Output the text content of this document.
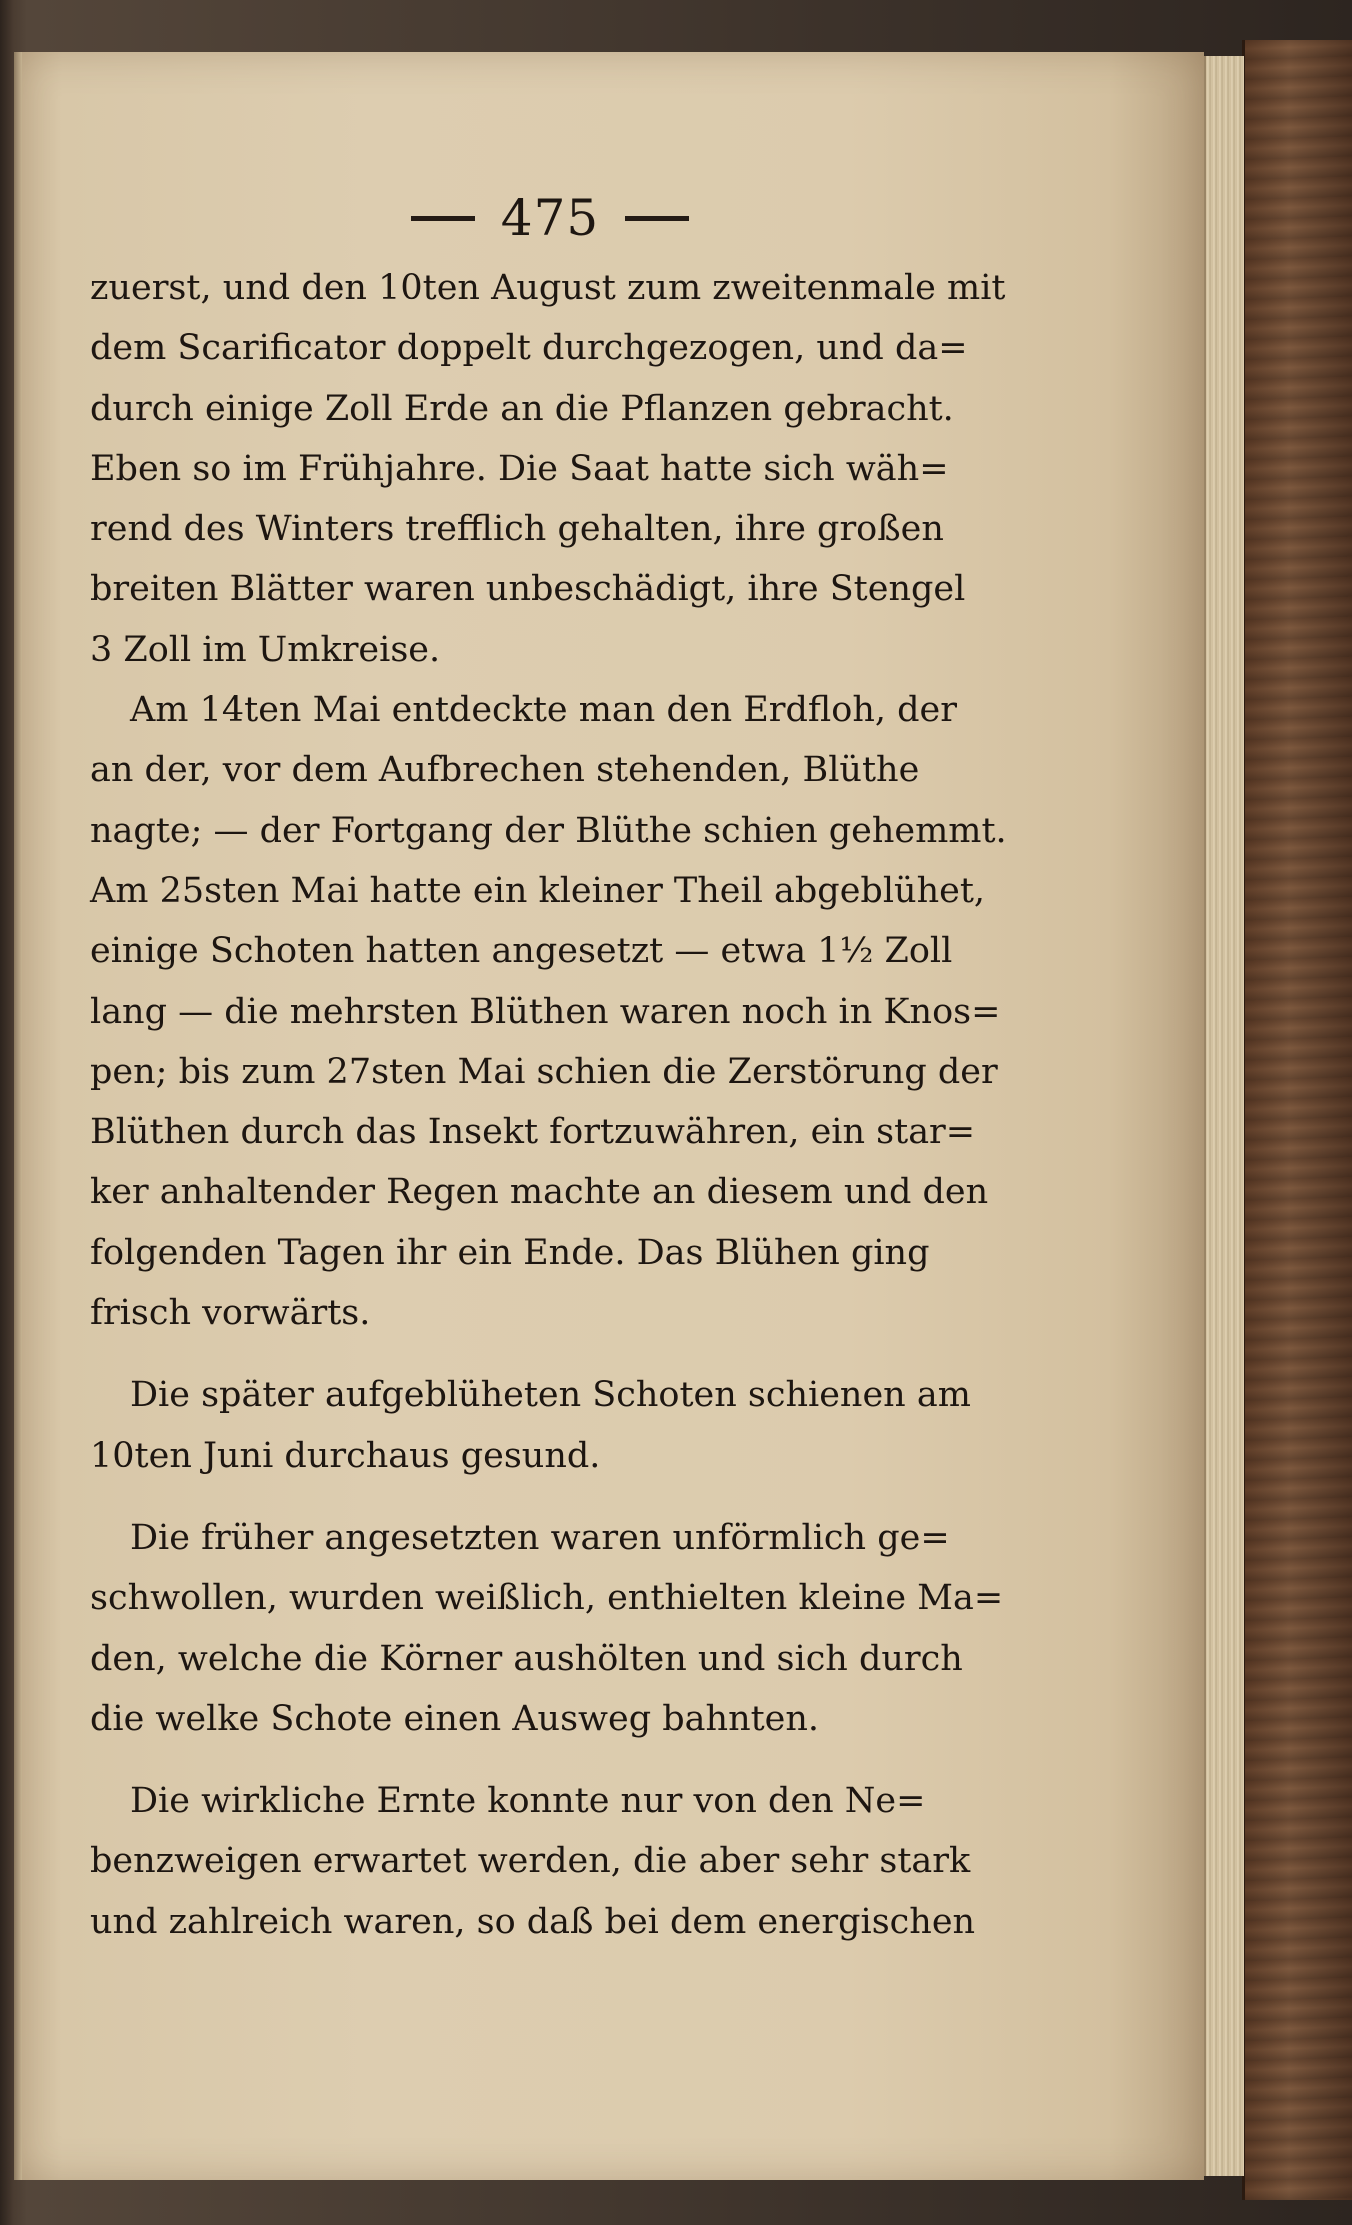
475
zuerst, und den 10ten August zum zweitenmale mit
dem Scarificator doppelt durchgezogen, und da=
durch einige Zoll Erde an die Pflanzen gebracht.
Eben so im Frühjahre. Die Saat hatte sich wäh=
rend des Winters trefflich gehalten, ihre großen
breiten Blätter waren unbeschädigt, ihre Stengel
3 Zoll im Umkreise.
Am 14ten Mai entdeckte man den Erdfloh, der
an der, vor dem Aufbrechen stehenden, Blüthe
nagte; — der Fortgang der Blüthe schien gehemmt.
Am 25sten Mai hatte ein kleiner Theil abgeblühet,
einige Schoten hatten angesetzt — etwa 1½ Zoll
lang — die mehrsten Blüthen waren noch in Knos=
pen; bis zum 27sten Mai schien die Zerstörung der
Blüthen durch das Insekt fortzuwähren, ein star=
ker anhaltender Regen machte an diesem und den
folgenden Tagen ihr ein Ende. Das Blühen ging
frisch vorwärts.
Die später aufgeblüheten Schoten schienen am
10ten Juni durchaus gesund.
Die früher angesetzten waren unförmlich ge=
schwollen, wurden weißlich, enthielten kleine Ma=
den, welche die Körner aushölten und sich durch
die welke Schote einen Ausweg bahnten.
Die wirkliche Ernte konnte nur von den Ne=
benzweigen erwartet werden, die aber sehr stark
und zahlreich waren, so daß bei dem energischen
